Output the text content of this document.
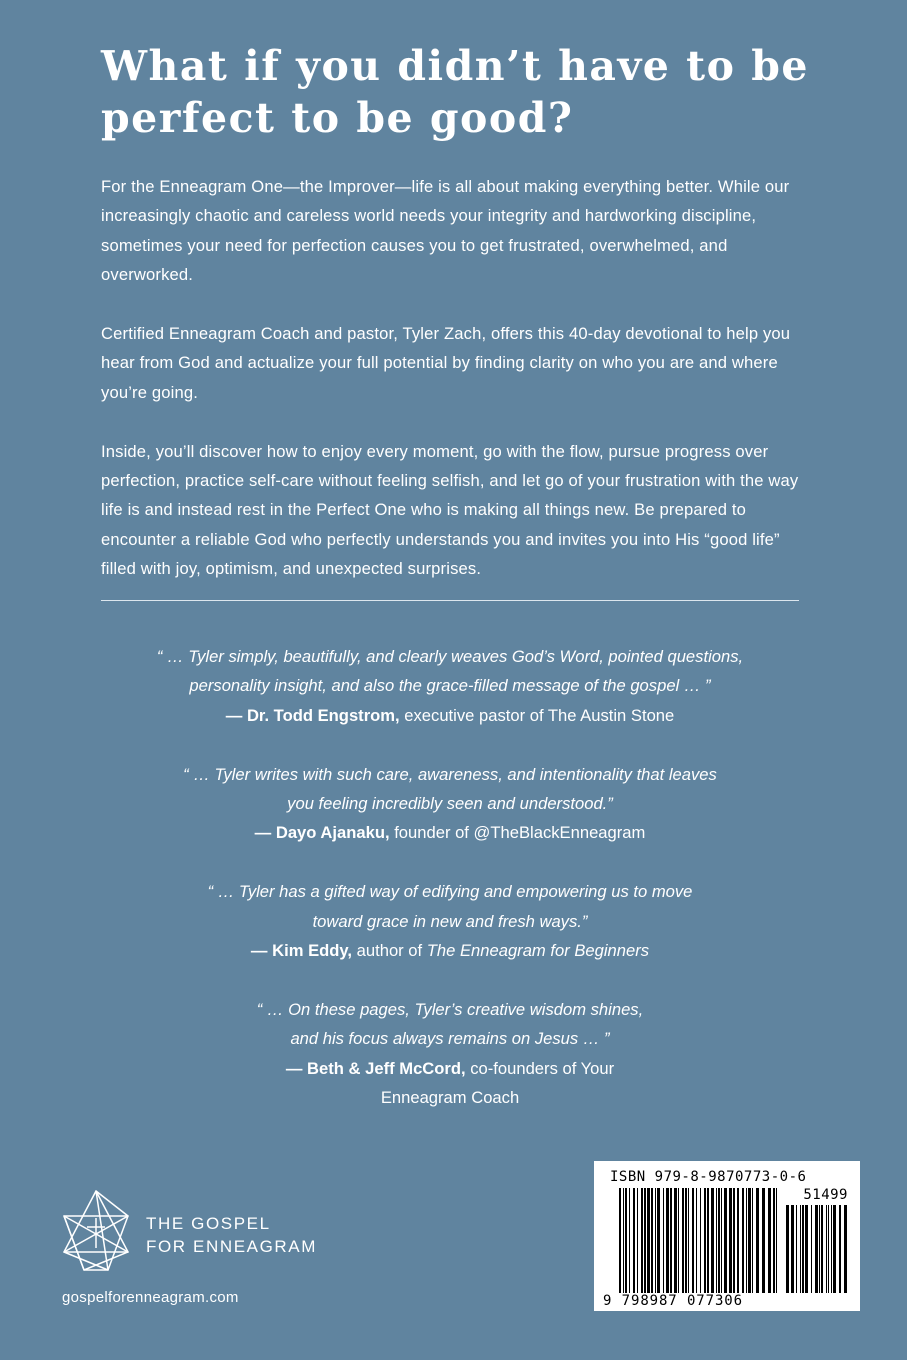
What if you didn’t have to be perfect to be good?

For the Enneagram One—the Improver—life is all about making everything better. While our increasingly chaotic and careless world needs your integrity and hardworking discipline, sometimes your need for perfection causes you to get frustrated, overwhelmed, and overworked.

Certified Enneagram Coach and pastor, Tyler Zach, offers this 40-day devotional to help you hear from God and actualize your full potential by finding clarity on who you are and where you’re going.

Inside, you’ll discover how to enjoy every moment, go with the flow, pursue progress over perfection, practice self-care without feeling selfish, and let go of your frustration with the way life is and instead rest in the Perfect One who is making all things new. Be prepared to encounter a reliable God who perfectly understands you and invites you into His “good life” filled with joy, optimism, and unexpected surprises.

“ … Tyler simply, beautifully, and clearly weaves God’s Word, pointed questions, personality insight, and also the grace-filled message of the gospel … ”
— Dr. Todd Engstrom, executive pastor of The Austin Stone
“ … Tyler writes with such care, awareness, and intentionality that leaves you feeling incredibly seen and understood.”
— Dayo Ajanaku, founder of @TheBlackEnneagram
“ … Tyler has a gifted way of edifying and empowering us to move toward grace in new and fresh ways.”
— Kim Eddy, author of The Enneagram for Beginners
“ … On these pages, Tyler’s creative wisdom shines, and his focus always remains on Jesus … ”
— Beth & Jeff McCord, co-founders of Your Enneagram Coach
THE GOSPEL
FOR ENNEAGRAM
gospelforenneagram.com
ISBN 979-8-9870773-0-6
51499
9 798987 077306
